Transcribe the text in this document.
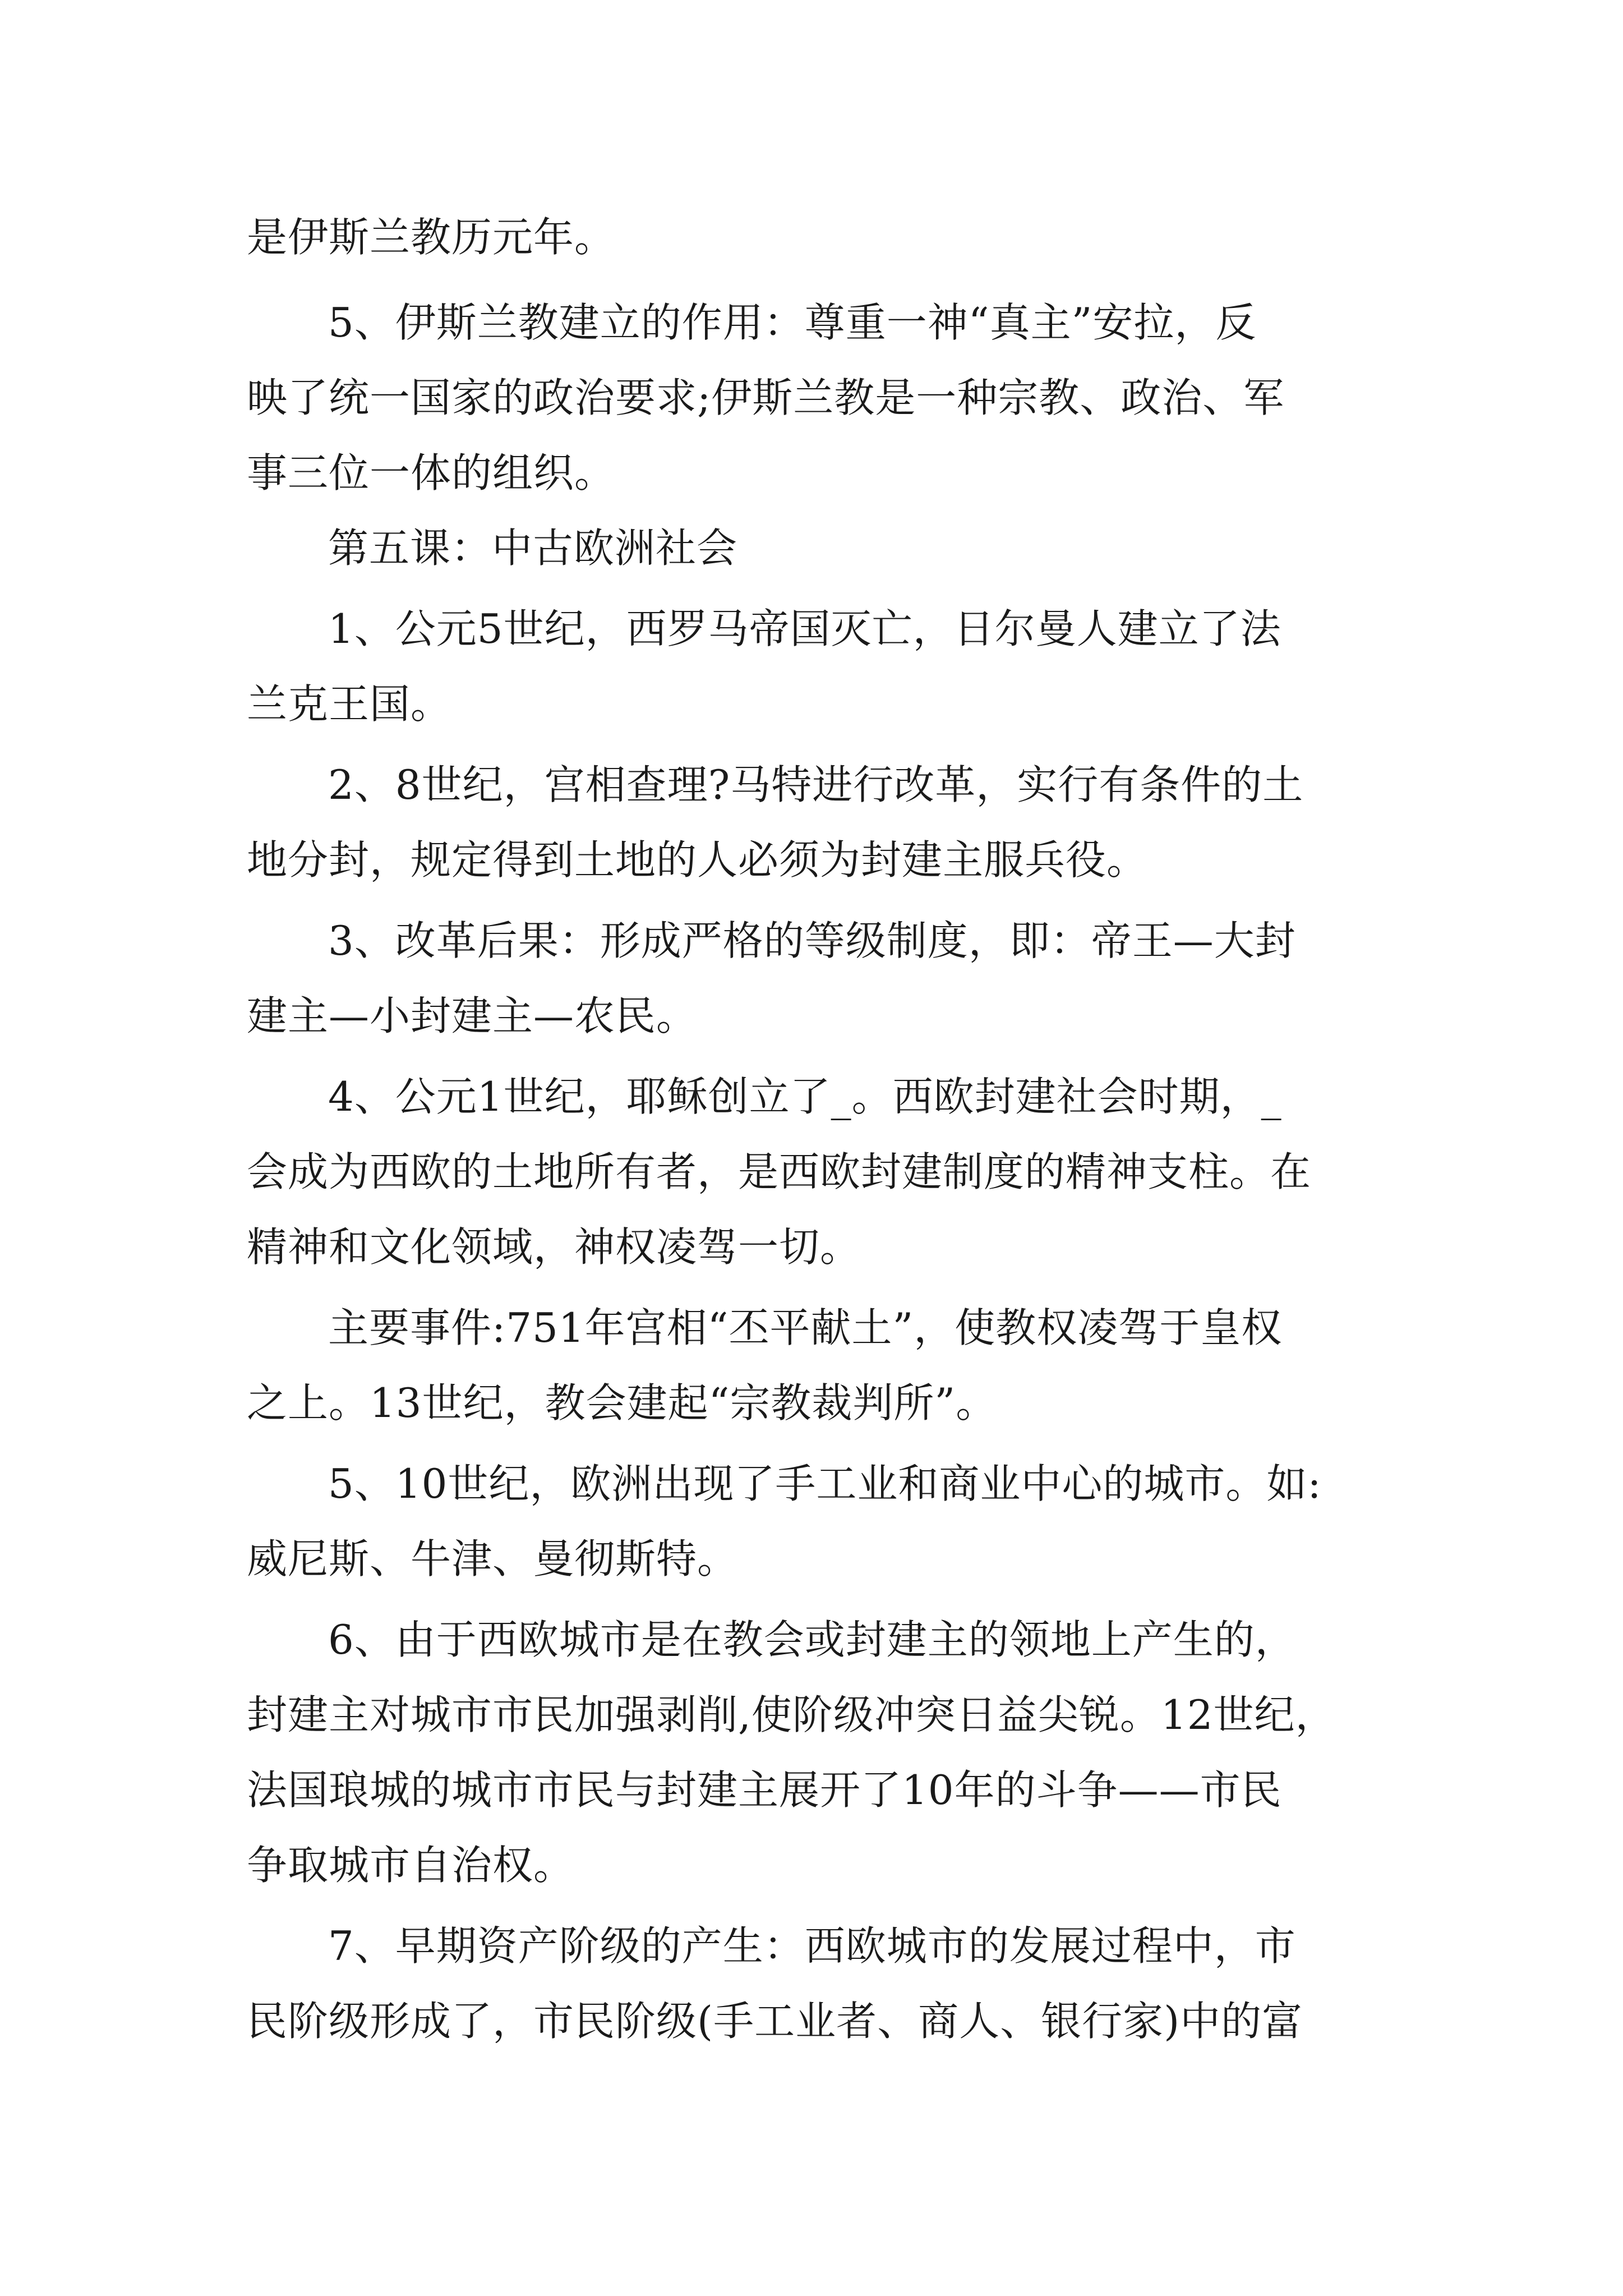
是伊斯兰教历元年。
5、伊斯兰教建立的作用：尊重一神“真主”安拉，反
映了统一国家的政治要求;伊斯兰教是一种宗教、政治、军
事三位一体的组织。
第五课：中古欧洲社会
1、公元5世纪，西罗马帝国灭亡，日尔曼人建立了法
兰克王国。
2、8世纪，宫相查理?马特进行改革，实行有条件的土
地分封，规定得到土地的人必须为封建主服兵役。
3、改革后果：形成严格的等级制度，即：帝王—大封
建主—小封建主—农民。
4、公元1世纪，耶稣创立了_。西欧封建社会时期，_
会成为西欧的土地所有者，是西欧封建制度的精神支柱。在
精神和文化领域，神权凌驾一切。
主要事件:751年宫相“丕平献土”，使教权凌驾于皇权
之上。13世纪，教会建起“宗教裁判所”。
5、10世纪，欧洲出现了手工业和商业中心的城市。如:
威尼斯、牛津、曼彻斯特。
6、由于西欧城市是在教会或封建主的领地上产生的，
封建主对城市市民加强剥削,使阶级冲突日益尖锐。12世纪，
法国琅城的城市市民与封建主展开了10年的斗争——市民
争取城市自治权。
7、早期资产阶级的产生：西欧城市的发展过程中，市
民阶级形成了，市民阶级(手工业者、商人、银行家)中的富
